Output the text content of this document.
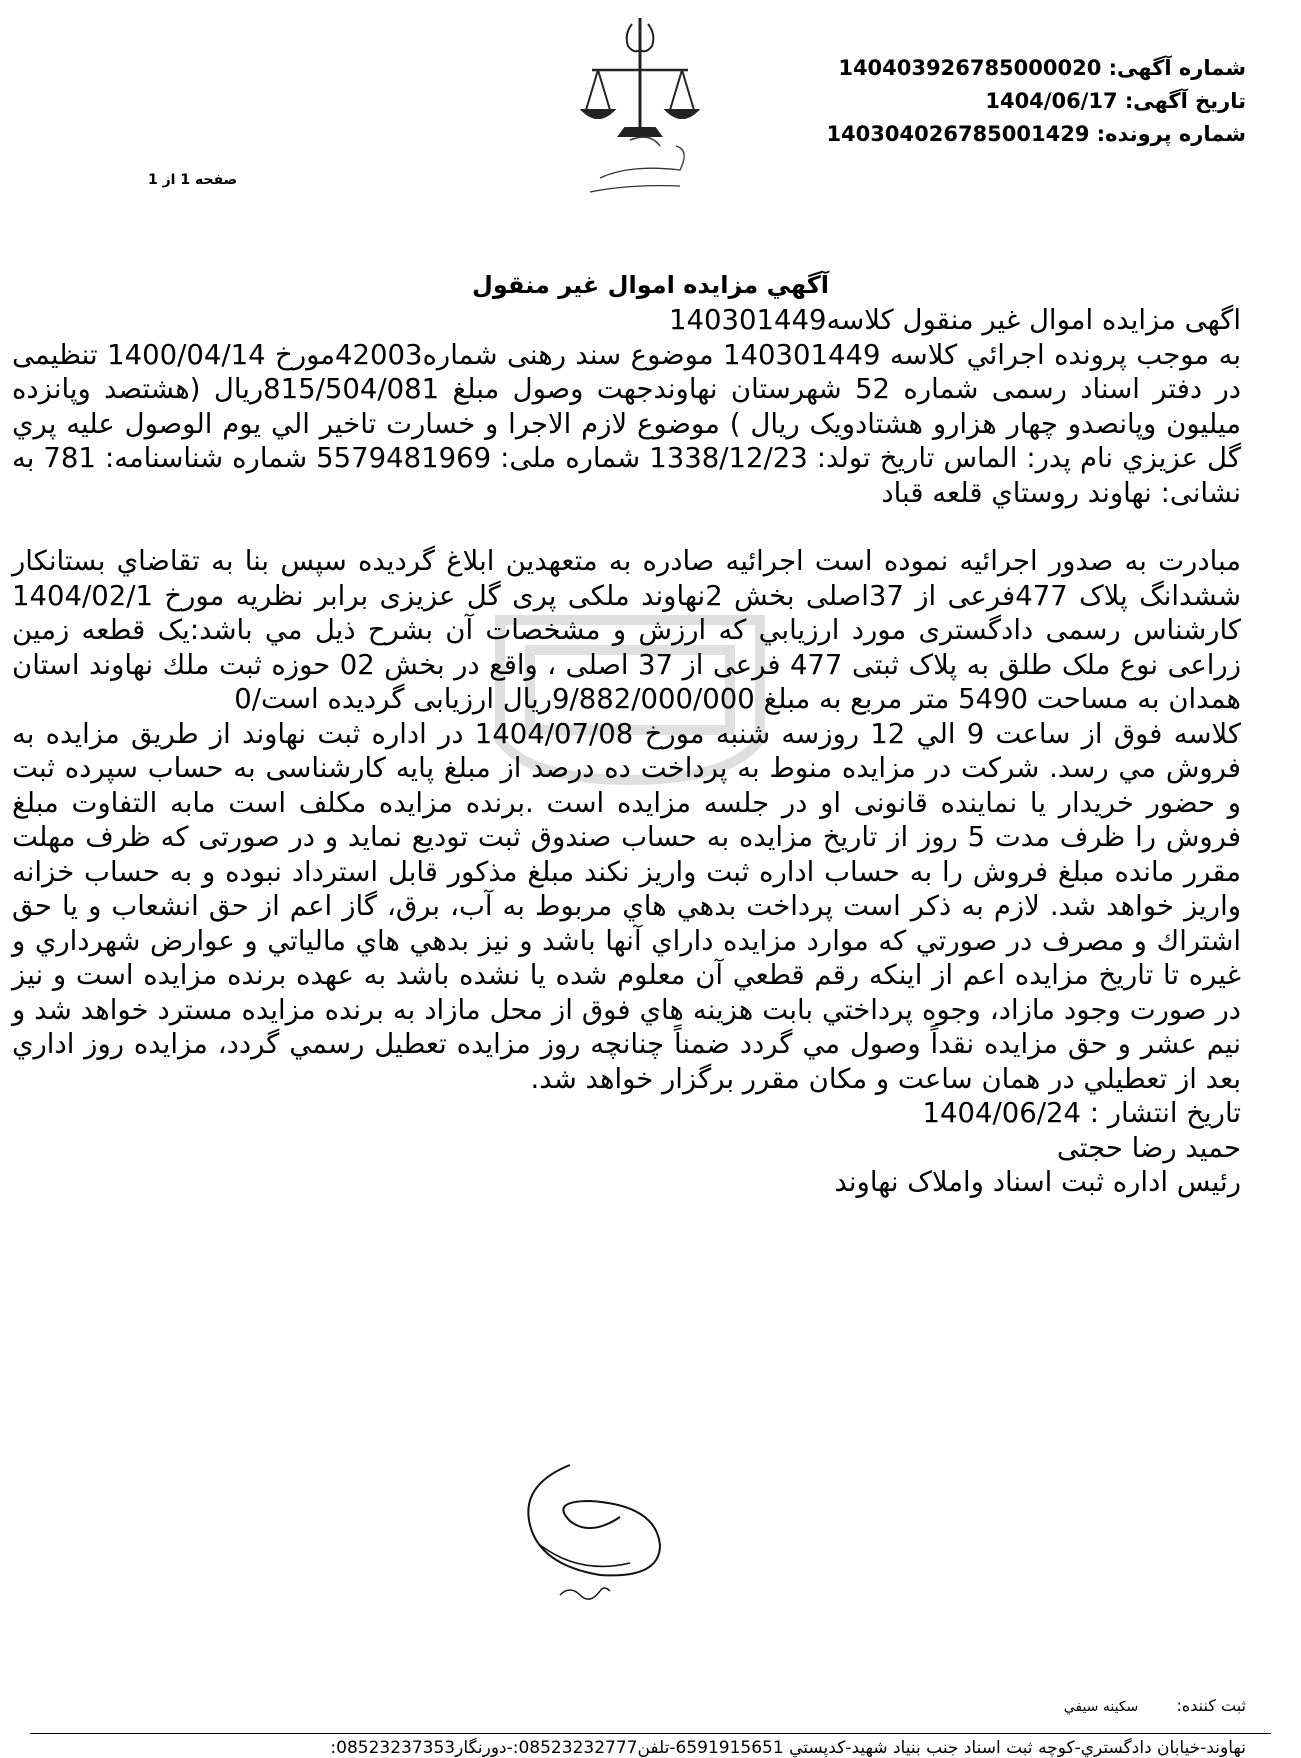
شماره آگهی: 14040392678500002​0
تاریخ آگهی: 1404/06/17
شماره پرونده: 140304026785001429
صفحه 1 از 1
آگهي مزايده اموال غير منقول

اگهی مزایده اموال غیر منقول کلاسه140301449

به موجب پرونده اجرائي كلاسه 140301449 موضوع سند رهنی شماره42003مورخ 1400/04/14 تنظيمی در دفتر اسناد رسمی شماره 52 شهرستان نهاوندجهت وصول مبلغ 815/504/081ريال (هشتصد وپانزده ميليون وپانصدو چهار هزارو هشتادويک ريال ) موضوع لازم الاجرا و خسارت تاخير الي يوم الوصول عليه پري گل عزيزي نام پدر: الماس تاريخ تولد: 1338/12/23 شماره ملی: 5579481969 شماره شناسنامه: 781 به نشانی: نهاوند روستاي قلعه قباد

مبادرت به صدور اجرائيه نموده است اجرائيه صادره به متعهدين ابلاغ گرديده سپس بنا به تقاضاي بستانكار ششدانگ پلاک 477فرعی از 37اصلی بخش 2نهاوند ملکی پری گل عزیزی برابر نظریه مورخ 1404/02/1 كارشناس رسمی دادگستری مورد ارزيابي كه ارزش و مشخصات آن بشرح ذيل مي باشد:یک قطعه زمین زراعی نوع ملک طلق به پلاک ثبتی 477 فرعی از 37 اصلی ، واقع در بخش 02 حوزه ثبت ملك نهاوند استان همدان به مساحت 5490 متر مربع به مبلغ 9/882/000/000ريال ارزيابی گرديده است/0

كلاسه فوق از ساعت 9 الي 12 روزسه شنبه مورخ 1404/07/08 در اداره ثبت نهاوند از طريق مزايده به فروش مي رسد. شركت در مزايده منوط به پرداخت ده درصد از مبلغ پايه كارشناسی به حساب سپرده ثبت و حضور خريدار يا نماينده قانونی او در جلسه مزايده است .برنده مزايده مكلف است مابه التفاوت مبلغ فروش را ظرف مدت 5 روز از تاريخ مزايده به حساب صندوق ثبت توديع نمايد و در صورتی كه ظرف مهلت مقرر مانده مبلغ فروش را به حساب اداره ثبت واريز نكند مبلغ مذكور قابل استرداد نبوده و به حساب خزانه واريز خواهد شد. لازم به ذكر است پرداخت بدهي هاي مربوط به آب، برق، گاز اعم از حق انشعاب و يا حق اشتراك و مصرف در صورتي كه موارد مزايده داراي آنها باشد و نيز بدهي هاي مالياتي و عوارض شهرداري و غيره تا تاريخ مزايده اعم از اينكه رقم قطعي آن معلوم شده يا نشده باشد به عهده برنده مزايده است و نيز در صورت وجود مازاد، وجوه پرداختي بابت هزينه هاي فوق از محل مازاد به برنده مزايده مسترد خواهد شد و نيم عشر و حق مزايده نقداً وصول مي گردد ضمناً چنانچه روز مزايده تعطيل رسمي گردد، مزايده روز اداري بعد از تعطيلي در همان ساعت و مكان مقرر برگزار خواهد شد.

تاريخ انتشار : 1404/06/24

حمید رضا حجتی

رئيس اداره ثبت اسناد واملاک نهاوند

ثبت كننده:  سكينه سيفي
نهاوند-خیابان دادگستري-كوچه ثبت اسناد جنب بنیاد شهید-كدپستي 6591915651-تلفن08523232777:-دورنگار08523237353:
